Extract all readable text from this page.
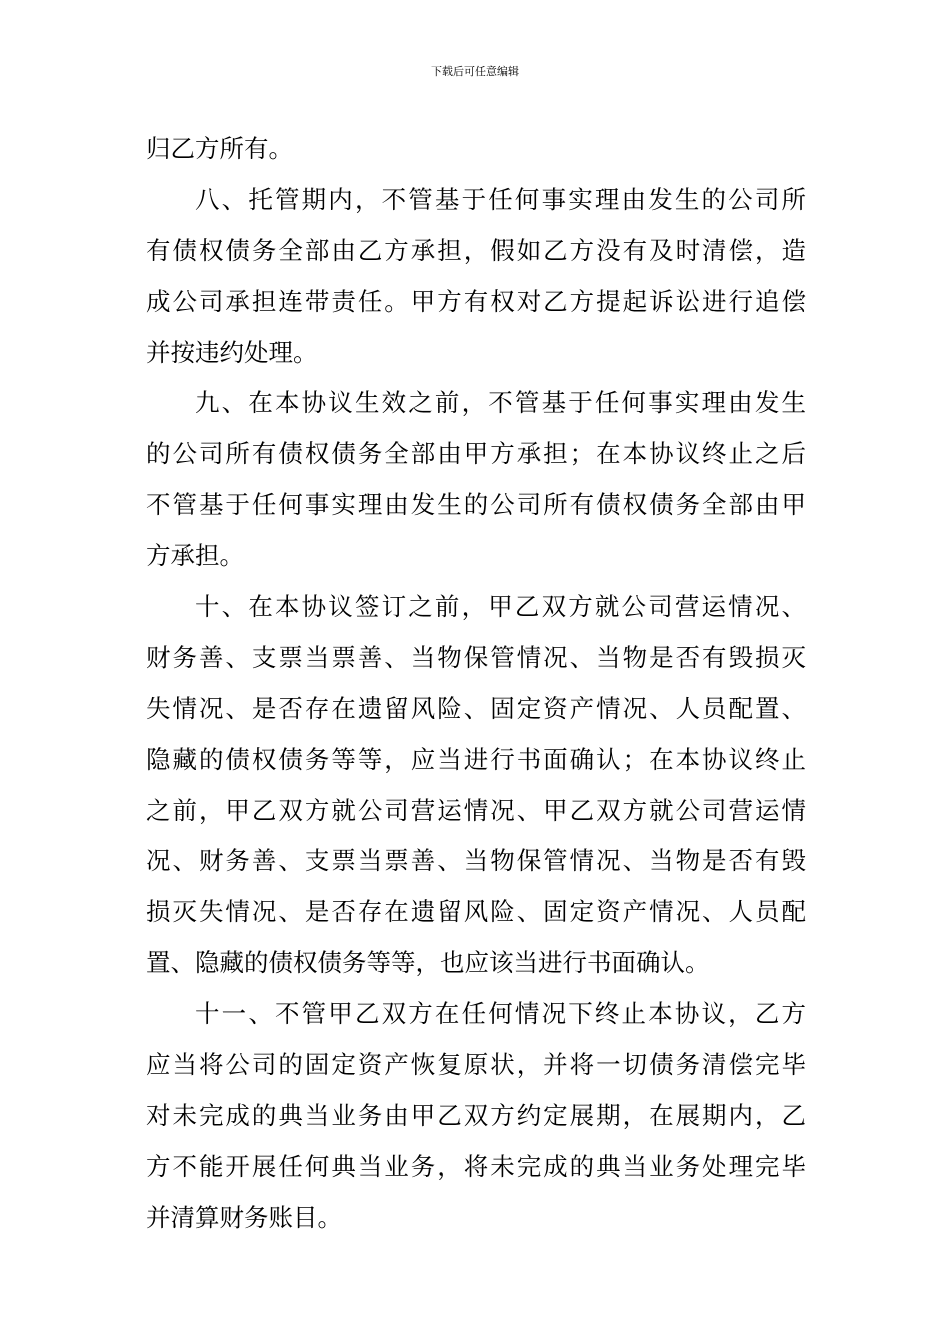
下载后可任意编辑
归乙方所有。
八、托管期内，不管基于任何事实理由发生的公司所
有债权债务全部由乙方承担，假如乙方没有及时清偿，造
成公司承担连带责任。甲方有权对乙方提起诉讼进行追偿
并按违约处理。
九、在本协议生效之前，不管基于任何事实理由发生
的公司所有债权债务全部由甲方承担；在本协议终止之后
不管基于任何事实理由发生的公司所有债权债务全部由甲
方承担。
十、在本协议签订之前，甲乙双方就公司营运情况、
财务善、支票当票善、当物保管情况、当物是否有毁损灭
失情况、是否存在遗留风险、固定资产情况、人员配置、
隐藏的债权债务等等，应当进行书面确认；在本协议终止
之前，甲乙双方就公司营运情况、甲乙双方就公司营运情
况、财务善、支票当票善、当物保管情况、当物是否有毁
损灭失情况、是否存在遗留风险、固定资产情况、人员配
置、隐藏的债权债务等等，也应该当进行书面确认。
十一、不管甲乙双方在任何情况下终止本协议，乙方
应当将公司的固定资产恢复原状，并将一切债务清偿完毕
对未完成的典当业务由甲乙双方约定展期，在展期内，乙
方不能开展任何典当业务，将未完成的典当业务处理完毕
并清算财务账目。
